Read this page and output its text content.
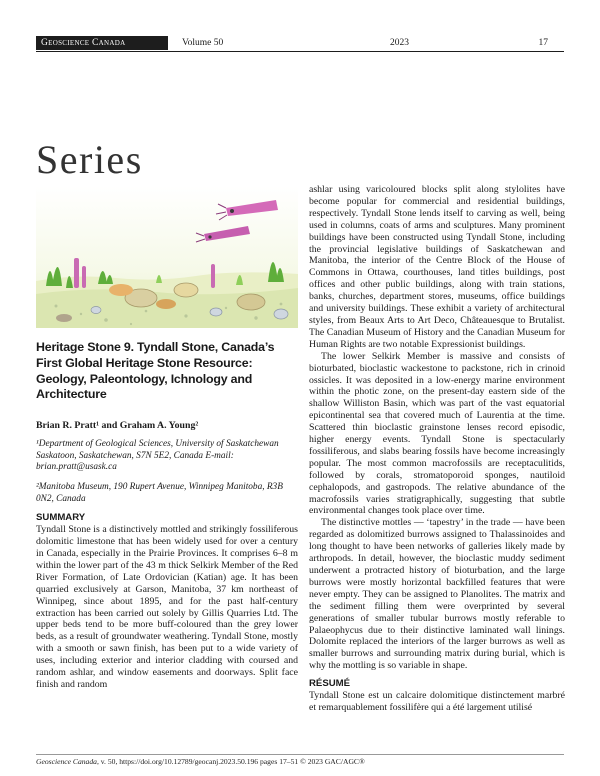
Geoscience Canada	Volume 50	2023	17
Series
Heritage Stone 9. Tyndall Stone, Canada’s First Global Heritage Stone Resource: Geology, Paleontology, Ichnology and Architecture
Brian R. Pratt¹ and Graham A. Young²
¹Department of Geological Sciences, University of Saskatchewan Saskatoon, Saskatchewan, S7N 5E2, Canada E-mail: brian.pratt@usask.ca
²Manitoba Museum, 190 Rupert Avenue, Winnipeg Manitoba, R3B 0N2, Canada
SUMMARY

Tyndall Stone is a distinctively mottled and strikingly fossiliferous dolomitic limestone that has been widely used for over a century in Canada, especially in the Prairie Provinces. It comprises 6–8 m within the lower part of the 43 m thick Selkirk Member of the Red River Formation, of Late Ordovician (Katian) age. It has been quarried exclusively at Garson, Manitoba, 37 km northeast of Winnipeg, since about 1895, and for the past half-century extraction has been carried out solely by Gillis Quarries Ltd. The upper beds tend to be more buff-coloured than the grey lower beds, as a result of groundwater weathering. Tyndall Stone, mostly with a smooth or sawn finish, has been put to a wide variety of uses, including exterior and interior cladding with coursed and random ashlar, and window easements and doorways. Split face finish and random

ashlar using varicoloured blocks split along stylolites have become popular for commercial and residential buildings, respectively. Tyndall Stone lends itself to carving as well, being used in columns, coats of arms and sculptures. Many prominent buildings have been constructed using Tyndall Stone, including the provincial legislative buildings of Saskatchewan and Manitoba, the interior of the Centre Block of the House of Commons in Ottawa, courthouses, land titles buildings, post offices and other public buildings, along with train stations, banks, churches, department stores, museums, office buildings and university buildings. These exhibit a variety of architectural styles, from Beaux Arts to Art Deco, Châteauesque to Brutalist. The Canadian Museum of History and the Canadian Museum for Human Rights are two notable Expressionist buildings.

The lower Selkirk Member is massive and consists of bioturbated, bioclastic wackestone to packstone, rich in crinoid ossicles. It was deposited in a low-energy marine environment within the photic zone, on the present-day eastern side of the shallow Williston Basin, which was part of the vast equatorial epicontinental sea that covered much of Laurentia at the time. Scattered thin bioclastic grainstone lenses record episodic, higher energy events. Tyndall Stone is spectacularly fossiliferous, and slabs bearing fossils have become increasingly popular. The most common macrofossils are receptaculitids, followed by corals, stromatoporoid sponges, nautiloid cephalopods, and gastropods. The relative abundance of the macrofossils varies stratigraphically, suggesting that subtle environmental changes took place over time.

The distinctive mottles — ‘tapestry’ in the trade — have been regarded as dolomitized burrows assigned to Thalassinoides and long thought to have been networks of galleries likely made by arthropods. In detail, however, the bioclastic muddy sediment underwent a protracted history of bioturbation, and the large burrows were mostly horizontal backfilled features that were never empty. They can be assigned to Planolites. The matrix and the sediment filling them were overprinted by several generations of smaller tubular burrows mostly referable to Palaeophycus due to their distinctive laminated wall linings. Dolomite replaced the interiors of the larger burrows as well as smaller burrows and surrounding matrix during burial, which is why the mottling is so variable in shape.

RÉSUMÉ

Tyndall Stone est un calcaire dolomitique distinctement marbré et remarquablement fossilifère qui a été largement utilisé

Geoscience Canada, v. 50, https://doi.org/10.12789/geocanj.2023.50.196 pages 17–51 © 2023 GAC/AGC®
